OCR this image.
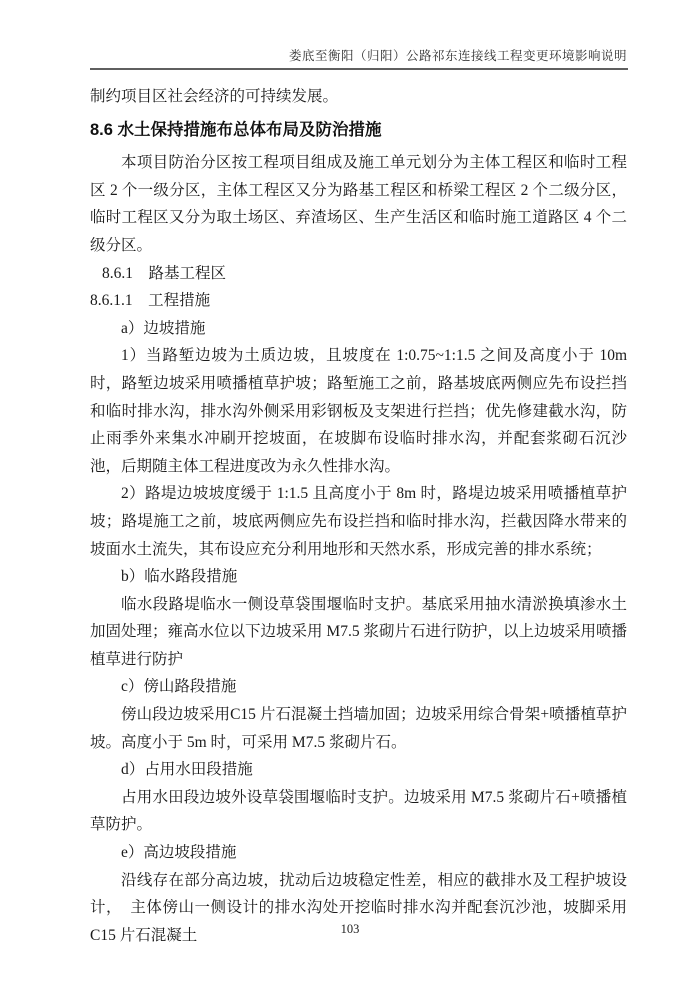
娄底至衡阳（归阳）公路祁东连接线工程变更环境影响说明

制约项目区社会经济的可持续发展。

8.6 水土保持措施布总体布局及防治措施

本项目防治分区按工程项目组成及施工单元划分为主体工程区和临时工程区 2 个一级分区，主体工程区又分为路基工程区和桥梁工程区 2 个二级分区，临时工程区又分为取土场区、弃渣场区、生产生活区和临时施工道路区 4 个二级分区。

8.6.1　路基工程区

8.6.1.1　工程措施

a）边坡措施

1）当路堑边坡为土质边坡，且坡度在 1:0.75~1:1.5 之间及高度小于 10m 时，路堑边坡采用喷播植草护坡；路堑施工之前，路基坡底两侧应先布设拦挡和临时排水沟，排水沟外侧采用彩钢板及支架进行拦挡；优先修建截水沟，防止雨季外来集水冲刷开挖坡面，在坡脚布设临时排水沟，并配套浆砌石沉沙池，后期随主体工程进度改为永久性排水沟。

2）路堤边坡坡度缓于 1:1.5 且高度小于 8m 时，路堤边坡采用喷播植草护坡；路堤施工之前，坡底两侧应先布设拦挡和临时排水沟，拦截因降水带来的坡面水土流失，其布设应充分利用地形和天然水系，形成完善的排水系统；

b）临水路段措施

临水段路堤临水一侧设草袋围堰临时支护。基底采用抽水清淤换填渗水土加固处理；雍高水位以下边坡采用 M7.5 浆砌片石进行防护，以上边坡采用喷播植草进行防护

c）傍山路段措施

傍山段边坡采用C15 片石混凝土挡墙加固；边坡采用综合骨架+喷播植草护坡。高度小于 5m 时，可采用 M7.5 浆砌片石。

d）占用水田段措施

占用水田段边坡外设草袋围堰临时支护。边坡采用 M7.5 浆砌片石+喷播植草防护。

e）高边坡段措施

沿线存在部分高边坡，扰动后边坡稳定性差，相应的截排水及工程护坡设计，　主体傍山一侧设计的排水沟处开挖临时排水沟并配套沉沙池，坡脚采用 C15 片石混凝土	103
